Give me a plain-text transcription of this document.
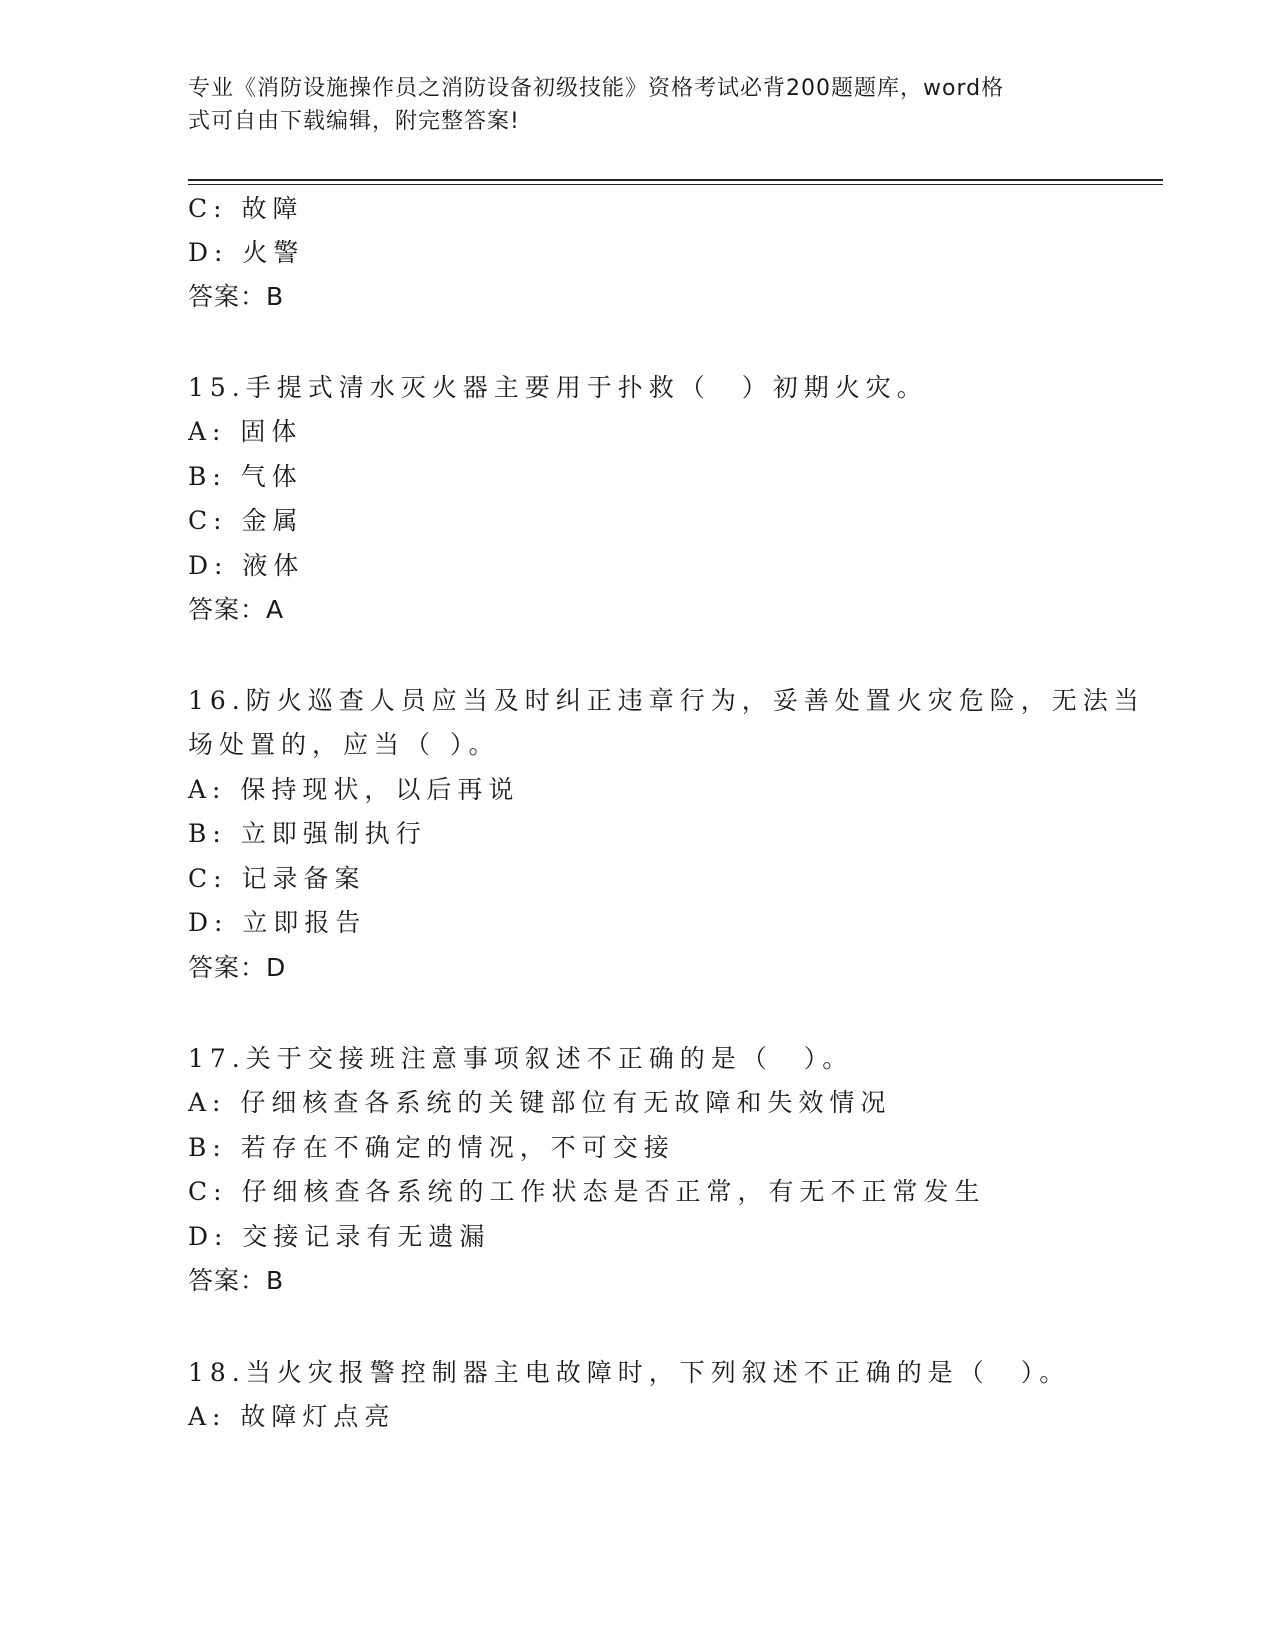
专业《消防设施操作员之消防设备初级技能》资格考试必背200题题库，word格
式可自由下载编辑，附完整答案!
C: 故障
D: 火警
答案：B
15.手提式清水灭火器主要用于扑救（　）初期火灾。
A: 固体
B: 气体
C: 金属
D: 液体
答案：A
16.防火巡查人员应当及时纠正违章行为，妥善处置火灾危险，无法当
场处置的，应当（ ）。
A: 保持现状，以后再说
B: 立即强制执行
C: 记录备案
D: 立即报告
答案：D
17.关于交接班注意事项叙述不正确的是（　）。
A: 仔细核查各系统的关键部位有无故障和失效情况
B: 若存在不确定的情况，不可交接
C: 仔细核查各系统的工作状态是否正常，有无不正常发生
D: 交接记录有无遗漏
答案：B
18.当火灾报警控制器主电故障时，下列叙述不正确的是（　）。
A: 故障灯点亮
